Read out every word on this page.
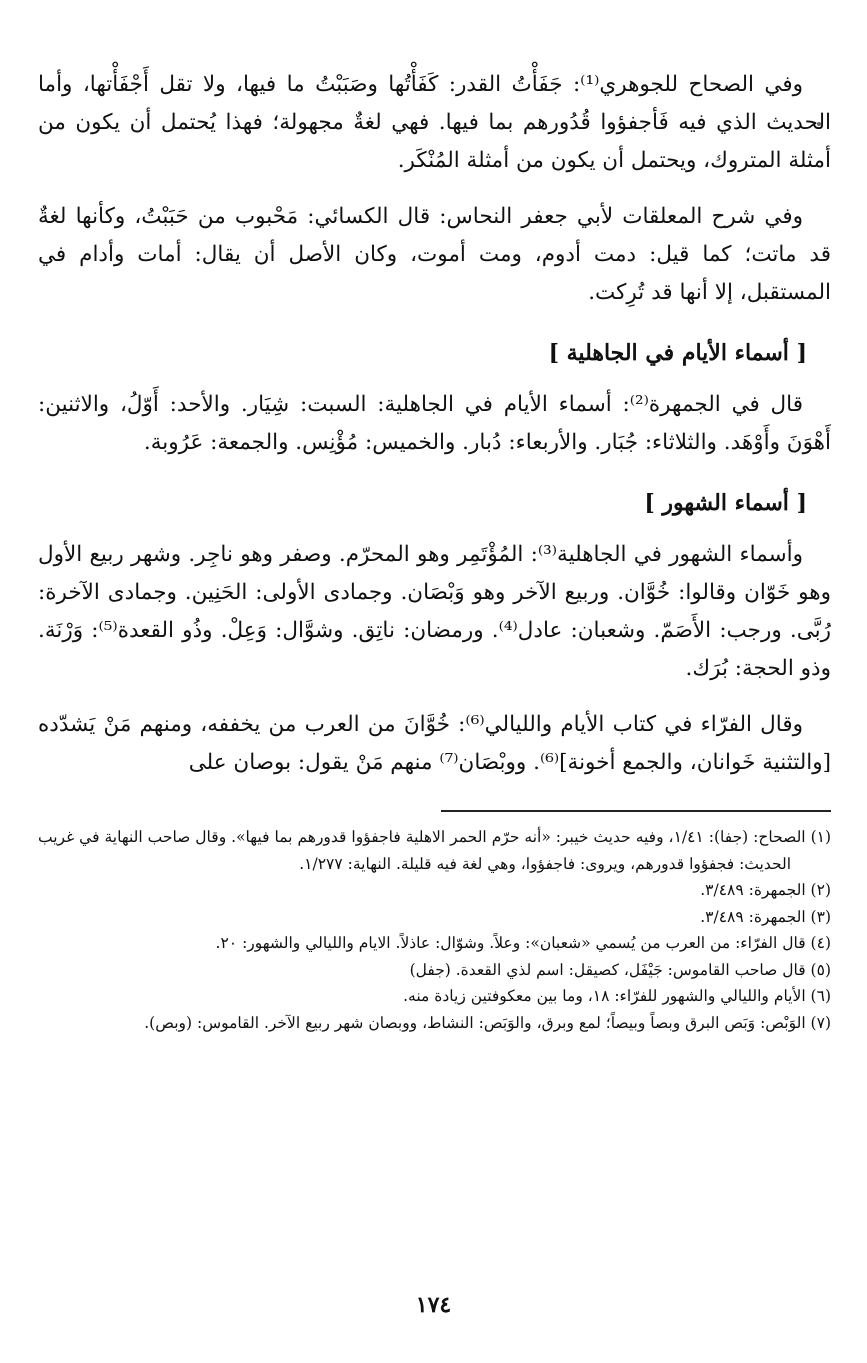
وفي الصحاح للجوهري⁽¹⁾: جَفَأْتُ القدر: كَفَأْتُها وصَبَبْتُ ما فيها، ولا تقل أَجْفَأْتها، وأما الحديث الذي فيه فَأجفؤوا قُدُورهم بما فيها. فهي لغةٌ مجهولة؛ فهذا يُحتمل أن يكون من أمثلة المتروك، ويحتمل أن يكون من أمثلة المُنْكَر.

وفي شرح المعلقات لأبي جعفر النحاس: قال الكسائي: مَحْبوب من حَبَبْتُ، وكأنها لغةٌ قد ماتت؛ كما قيل: دمت أدوم، ومت أموت، وكان الأصل أن يقال: أمات وأدام في المستقبل، إلا أنها قد تُرِكت.

[ أسماء الأيام في الجاهلية ]

قال في الجمهرة⁽²⁾: أسماء الأيام في الجاهلية: السبت: شِيَار. والأحد: أَوّلُ، والاثنين: أَهْوَنَ وأَوْهَد. والثلاثاء: جُبَار. والأربعاء: دُبار. والخميس: مُؤْنِس. والجمعة: عَرُوبة.

[ أسماء الشهور ]

وأسماء الشهور في الجاهلية⁽³⁾: المُؤْتَمِر وهو المحرّم. وصفر وهو ناجِر. وشهر ربيع الأول وهو خَوّان وقالوا: خُوَّان. وربيع الآخر وهو وَبْصَان. وجمادى الأولى: الحَنِين. وجمادى الآخرة: رُبَّى. ورجب: الأَصَمّ. وشعبان: عادل⁽⁴⁾. ورمضان: ناتِق. وشوَّال: وَعِلْ. وذُو القعدة⁽⁵⁾: وَرْنَة. وذو الحجة: بُرَك.

وقال الفرّاء في كتاب الأيام والليالي⁽⁶⁾: خُوَّانَ من العرب من يخففه، ومنهم مَنْ يَشدّده [والتثنية خَوانان، والجمع أخونة]⁽⁶⁾. ووبْصَان⁽⁷⁾ منهم مَنْ يقول: بوصان على

(١) الصحاح: (جفا): ١/٤١، وفيه حديث خيبر: «أنه حرّم الحمر الاهلية فاجفؤوا قدورهم بما فيها». وقال صاحب النهاية في غريب الحديث: فجفؤوا قدورهم، ويروى: فاجفؤوا، وهي لغة فيه قليلة. النهاية: ١/٢٧٧.

(٢) الجمهرة: ٣/٤٨٩.

(٣) الجمهرة: ٣/٤٨٩.

(٤) قال الفرّاء: من العرب من يُسمي «شعبان»: وعلاً. وشوّال: عاذلاً. الايام والليالي والشهور: ٢٠.

(٥) قال صاحب القاموس: جَيْفَل، كصيقل: اسم لذي القعدة. (جفل)

(٦) الأيام والليالي والشهور للفرّاء: ١٨، وما بين معكوفتين زيادة منه.

(٧) الوَبْص: وَبَص البرق وبصاً وبيصاً؛ لمع وبرق، والوَبَص: النشاط، ووبصان شهر ربيع الآخر. القاموس: (وبص).

١٧٤
